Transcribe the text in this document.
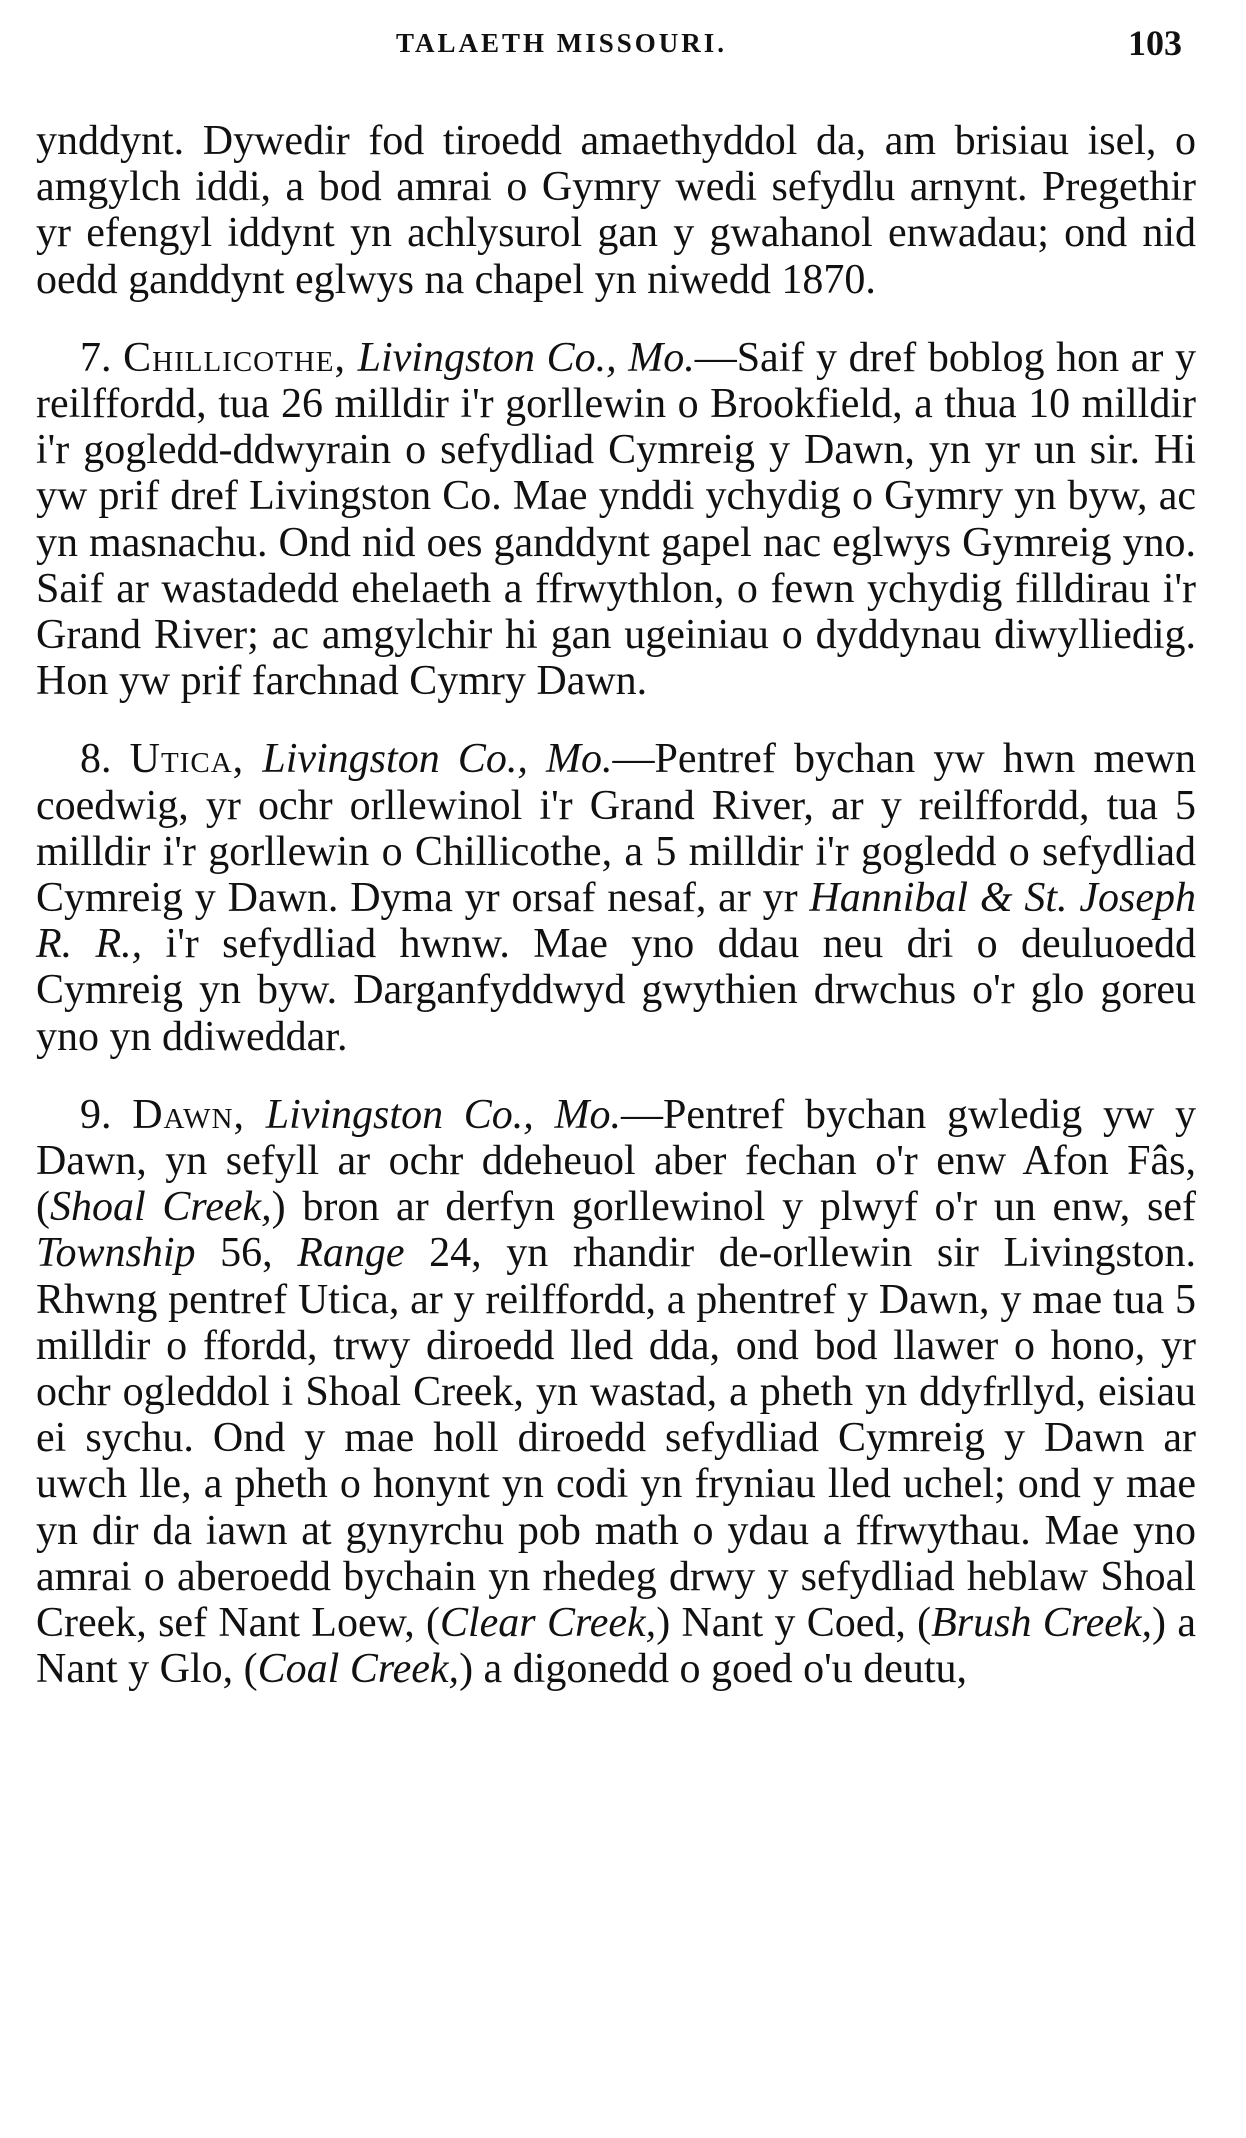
TALAETH MISSOURI.	103

ynddynt. Dywedir fod tiroedd amaethyddol da, am brisiau isel, o amgylch iddi, a bod amrai o Gymry wedi sefydlu arnynt. Pregethir yr efengyl iddynt yn achlysurol gan y gwahanol enwadau; ond nid oedd ganddynt eglwys na chapel yn niwedd 1870.

7. Chillicothe, Livingston Co., Mo.—Saif y dref boblog hon ar y reilffordd, tua 26 milldir i'r gorllewin o Brookfield, a thua 10 milldir i'r gogledd-ddwyrain o sefydliad Cymreig y Dawn, yn yr un sir. Hi yw prif dref Livingston Co. Mae ynddi ychydig o Gymry yn byw, ac yn masnachu. Ond nid oes ganddynt gapel nac eglwys Gymreig yno. Saif ar wastadedd ehelaeth a ffrwythlon, o fewn ychydig filldirau i'r Grand River; ac amgylchir hi gan ugeiniau o dyddynau diwylliedig. Hon yw prif farchnad Cymry Dawn.

8. Utica, Livingston Co., Mo.—Pentref bychan yw hwn mewn coedwig, yr ochr orllewinol i'r Grand River, ar y reilffordd, tua 5 milldir i'r gorllewin o Chillicothe, a 5 milldir i'r gogledd o sefydliad Cymreig y Dawn. Dyma yr orsaf nesaf, ar yr Hannibal & St. Joseph R. R., i'r sefydliad hwnw. Mae yno ddau neu dri o deuluoedd Cymreig yn byw. Darganfyddwyd gwythien drwchus o'r glo goreu yno yn ddiweddar.

9. Dawn, Livingston Co., Mo.—Pentref bychan gwledig yw y Dawn, yn sefyll ar ochr ddeheuol aber fechan o'r enw Afon Fâs, (Shoal Creek,) bron ar derfyn gorllewinol y plwyf o'r un enw, sef Township 56, Range 24, yn rhandir de-orllewin sir Livingston. Rhwng pentref Utica, ar y reilffordd, a phentref y Dawn, y mae tua 5 milldir o ffordd, trwy diroedd lled dda, ond bod llawer o hono, yr ochr ogleddol i Shoal Creek, yn wastad, a pheth yn ddyfrllyd, eisiau ei sychu. Ond y mae holl diroedd sefydliad Cymreig y Dawn ar uwch lle, a pheth o honynt yn codi yn fryniau lled uchel; ond y mae yn dir da iawn at gynyrchu pob math o ydau a ffrwythau. Mae yno amrai o aberoedd bychain yn rhedeg drwy y sefydliad heblaw Shoal Creek, sef Nant Loew, (Clear Creek,) Nant y Coed, (Brush Creek,) a Nant y Glo, (Coal Creek,) a digonedd o goed o'u deutu,
